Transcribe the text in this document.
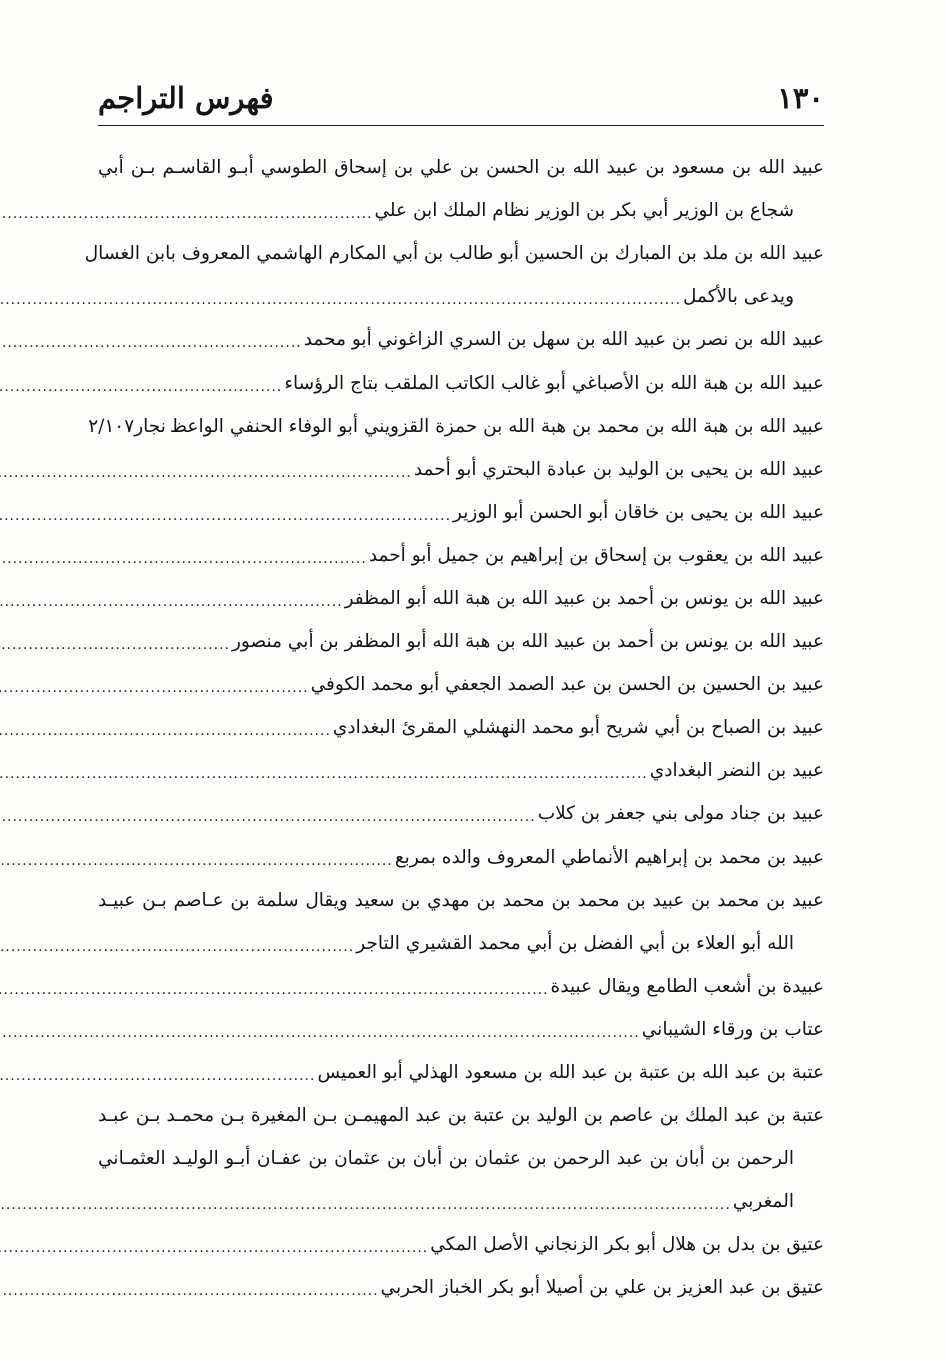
فهرس التراجم	١٣٠
عبيد الله بن مسعود بن عبيد الله بن الحسن بن علي بن إسحاق الطوسي أبـو القاسـم بـن أبي
شجاع بن الوزير أبي بكر بن الوزير نظام الملك ابن علي
.....
عبيد الله بن ملد بن المبارك بن الحسين أبو طالب بن أبي المكارم الهاشمي المعروف بابن الغسال
ويدعى بالأكمل
.....
عبيد الله بن نصر بن عبيد الله بن سهل بن السري الزاغوني أبو محمد
.....
عبيد الله بن هبة الله بن الأصباغي أبو غالب الكاتب الملقب بتاج الرؤساء
.....
عبيد الله بن هبة الله بن محمد بن هبة الله بن حمزة القزويني أبو الوفاء الحنفي الواعظ
نجار٢/١٠٧
عبيد الله بن يحيى بن الوليد بن عبادة البحتري أبو أحمد
.....
عبيد الله بن يحيى بن خاقان أبو الحسن أبو الوزير
.....
عبيد الله بن يعقوب بن إسحاق بن إبراهيم بن جميل أبو أحمد
.....
عبيد الله بن يونس بن أحمد بن عبيد الله بن هبة الله أبو المظفر
.....
عبيد الله بن يونس بن أحمد بن عبيد الله بن هبة الله أبو المظفر بن أبي منصور
.....
عبيد بن الحسين بن الحسن بن عبد الصمد الجعفي أبو محمد الكوفي
.....
عبيد بن الصباح بن أبي شريح أبو محمد النهشلي المقرئ البغدادي
.....
عبيد بن النضر البغدادي
.....
عبيد بن جناد مولى بني جعفر بن كلاب
.....
عبيد بن محمد بن إبراهيم الأنماطي المعروف والده بمربع
.....
عبيد بن محمد بن عبيد بن محمد بن محمد بن مهدي بن سعيد ويقال سلمة بن عـاصم بـن عبيـد
الله أبو العلاء بن أبي الفضل بن أبي محمد القشيري التاجر
.....
عبيدة بن أشعب الطامع ويقال عبيدة
.....
عتاب بن ورقاء الشيباني
.....
عتبة بن عبد الله بن عتبة بن عبد الله بن مسعود الهذلي أبو العميس
.....
عتبة بن عبد الملك بن عاصم بن الوليد بن عتبة بن عبد المهيمـن بـن المغيرة بـن محمـد بـن عبـد
الرحمن بن أبان بن عبد الرحمن بن عثمان بن أبان بن عثمان بن عفـان أبـو الوليـد العثمـاني
المغربي
.....
عتيق بن بدل بن هلال أبو بكر الزنجاني الأصل المكي
.....
عتيق بن عبد العزيز بن علي بن أصيلا أبو بكر الخباز الحربي
.....
